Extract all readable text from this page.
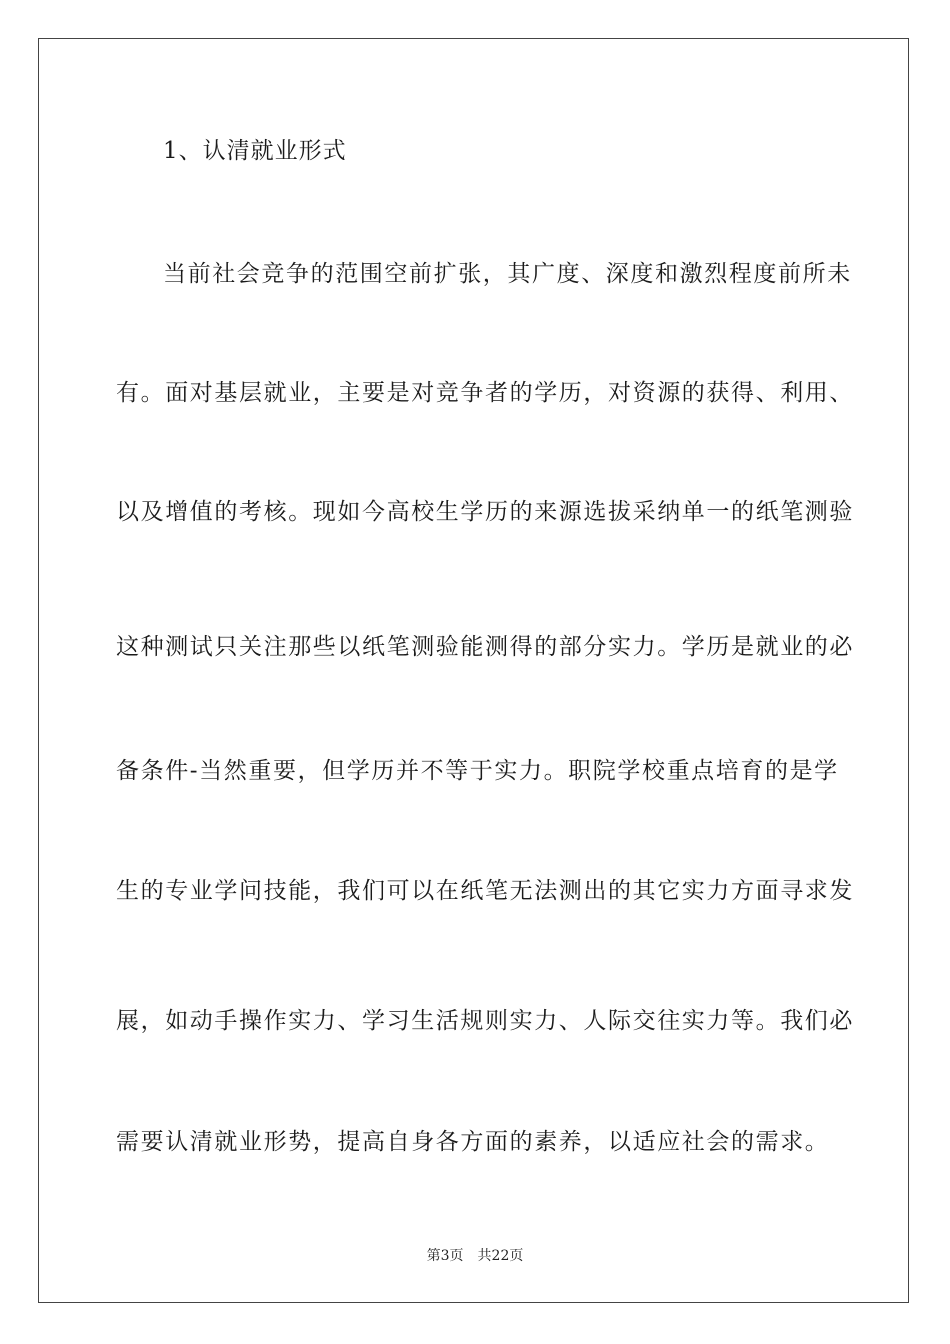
1、认清就业形式
当前社会竞争的范围空前扩张，其广度、深度和激烈程度前所未
有。面对基层就业，主要是对竞争者的学历，对资源的获得、利用、
以及增值的考核。现如今高校生学历的来源选拔采纳单一的纸笔测验
这种测试只关注那些以纸笔测验能测得的部分实力。学历是就业的必
备条件-当然重要，但学历并不等于实力。职院学校重点培育的是学
生的专业学问技能，我们可以在纸笔无法测出的其它实力方面寻求发
展，如动手操作实力、学习生活规则实力、人际交往实力等。我们必
需要认清就业形势，提高自身各方面的素养，以适应社会的需求。
第3页 共22页
